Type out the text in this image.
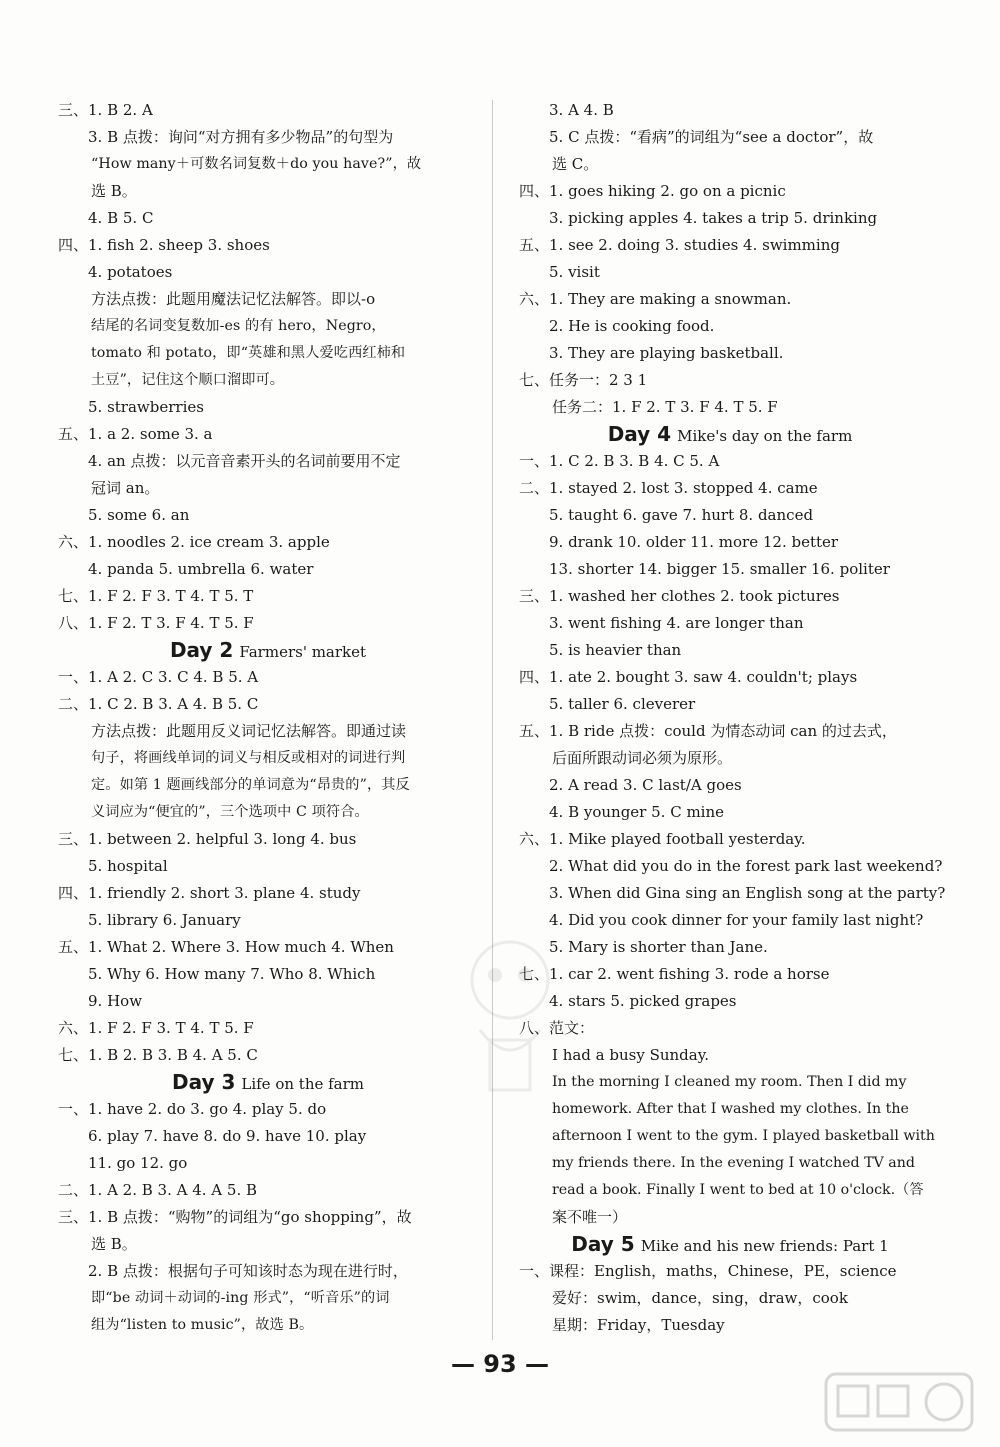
三、1. B 2. A
3. B 点拨：询问“对方拥有多少物品”的句型为
“How many＋可数名词复数＋do you have?”，故
选 B。
4. B 5. C
四、1. fish 2. sheep 3. shoes
4. potatoes
方法点拨：此题用魔法记忆法解答。即以-o
结尾的名词变复数加-es 的有 hero，Negro，
tomato 和 potato，即“英雄和黑人爱吃西红柿和
土豆”，记住这个顺口溜即可。
5. strawberries
五、1. a 2. some 3. a
4. an 点拨：以元音音素开头的名词前要用不定
冠词 an。
5. some 6. an
六、1. noodles 2. ice cream 3. apple
4. panda 5. umbrella 6. water
七、1. F 2. F 3. T 4. T 5. T
八、1. F 2. T 3. F 4. T 5. F
Day 2 Farmers' market
一、1. A 2. C 3. C 4. B 5. A
二、1. C 2. B 3. A 4. B 5. C
方法点拨：此题用反义词记忆法解答。即通过读
句子，将画线单词的词义与相反或相对的词进行判
定。如第 1 题画线部分的单词意为“昂贵的”，其反
义词应为“便宜的”，三个选项中 C 项符合。
三、1. between 2. helpful 3. long 4. bus
5. hospital
四、1. friendly 2. short 3. plane 4. study
5. library 6. January
五、1. What 2. Where 3. How much 4. When
5. Why 6. How many 7. Who 8. Which
9. How
六、1. F 2. F 3. T 4. T 5. F
七、1. B 2. B 3. B 4. A 5. C
Day 3 Life on the farm
一、1. have 2. do 3. go 4. play 5. do
6. play 7. have 8. do 9. have 10. play
11. go 12. go
二、1. A 2. B 3. A 4. A 5. B
三、1. B 点拨：“购物”的词组为“go shopping”，故
选 B。
2. B 点拨：根据句子可知该时态为现在进行时，
即“be 动词＋动词的-ing 形式”，“听音乐”的词
组为“listen to music”，故选 B。
3. A 4. B
5. C 点拨：“看病”的词组为“see a doctor”，故
选 C。
四、1. goes hiking 2. go on a picnic
3. picking apples 4. takes a trip 5. drinking
五、1. see 2. doing 3. studies 4. swimming
5. visit
六、1. They are making a snowman.
2. He is cooking food.
3. They are playing basketball.
七、任务一：2 3 1
任务二：1. F 2. T 3. F 4. T 5. F
Day 4 Mike's day on the farm
一、1. C 2. B 3. B 4. C 5. A
二、1. stayed 2. lost 3. stopped 4. came
5. taught 6. gave 7. hurt 8. danced
9. drank 10. older 11. more 12. better
13. shorter 14. bigger 15. smaller 16. politer
三、1. washed her clothes 2. took pictures
3. went fishing 4. are longer than
5. is heavier than
四、1. ate 2. bought 3. saw 4. couldn't; plays
5. taller 6. cleverer
五、1. B ride 点拨：could 为情态动词 can 的过去式，
后面所跟动词必须为原形。
2. A read 3. C last/A goes
4. B younger 5. C mine
六、1. Mike played football yesterday.
2. What did you do in the forest park last weekend?
3. When did Gina sing an English song at the party?
4. Did you cook dinner for your family last night?
5. Mary is shorter than Jane.
七、1. car 2. went fishing 3. rode a horse
4. stars 5. picked grapes
八、范文：
I had a busy Sunday.
In the morning I cleaned my room. Then I did my
homework. After that I washed my clothes. In the
afternoon I went to the gym. I played basketball with
my friends there. In the evening I watched TV and
read a book. Finally I went to bed at 10 o'clock.（答
案不唯一）
Day 5 Mike and his new friends: Part 1
一、课程：English，maths，Chinese，PE，science
爱好：swim，dance，sing，draw，cook
星期：Friday，Tuesday
— 93 —
